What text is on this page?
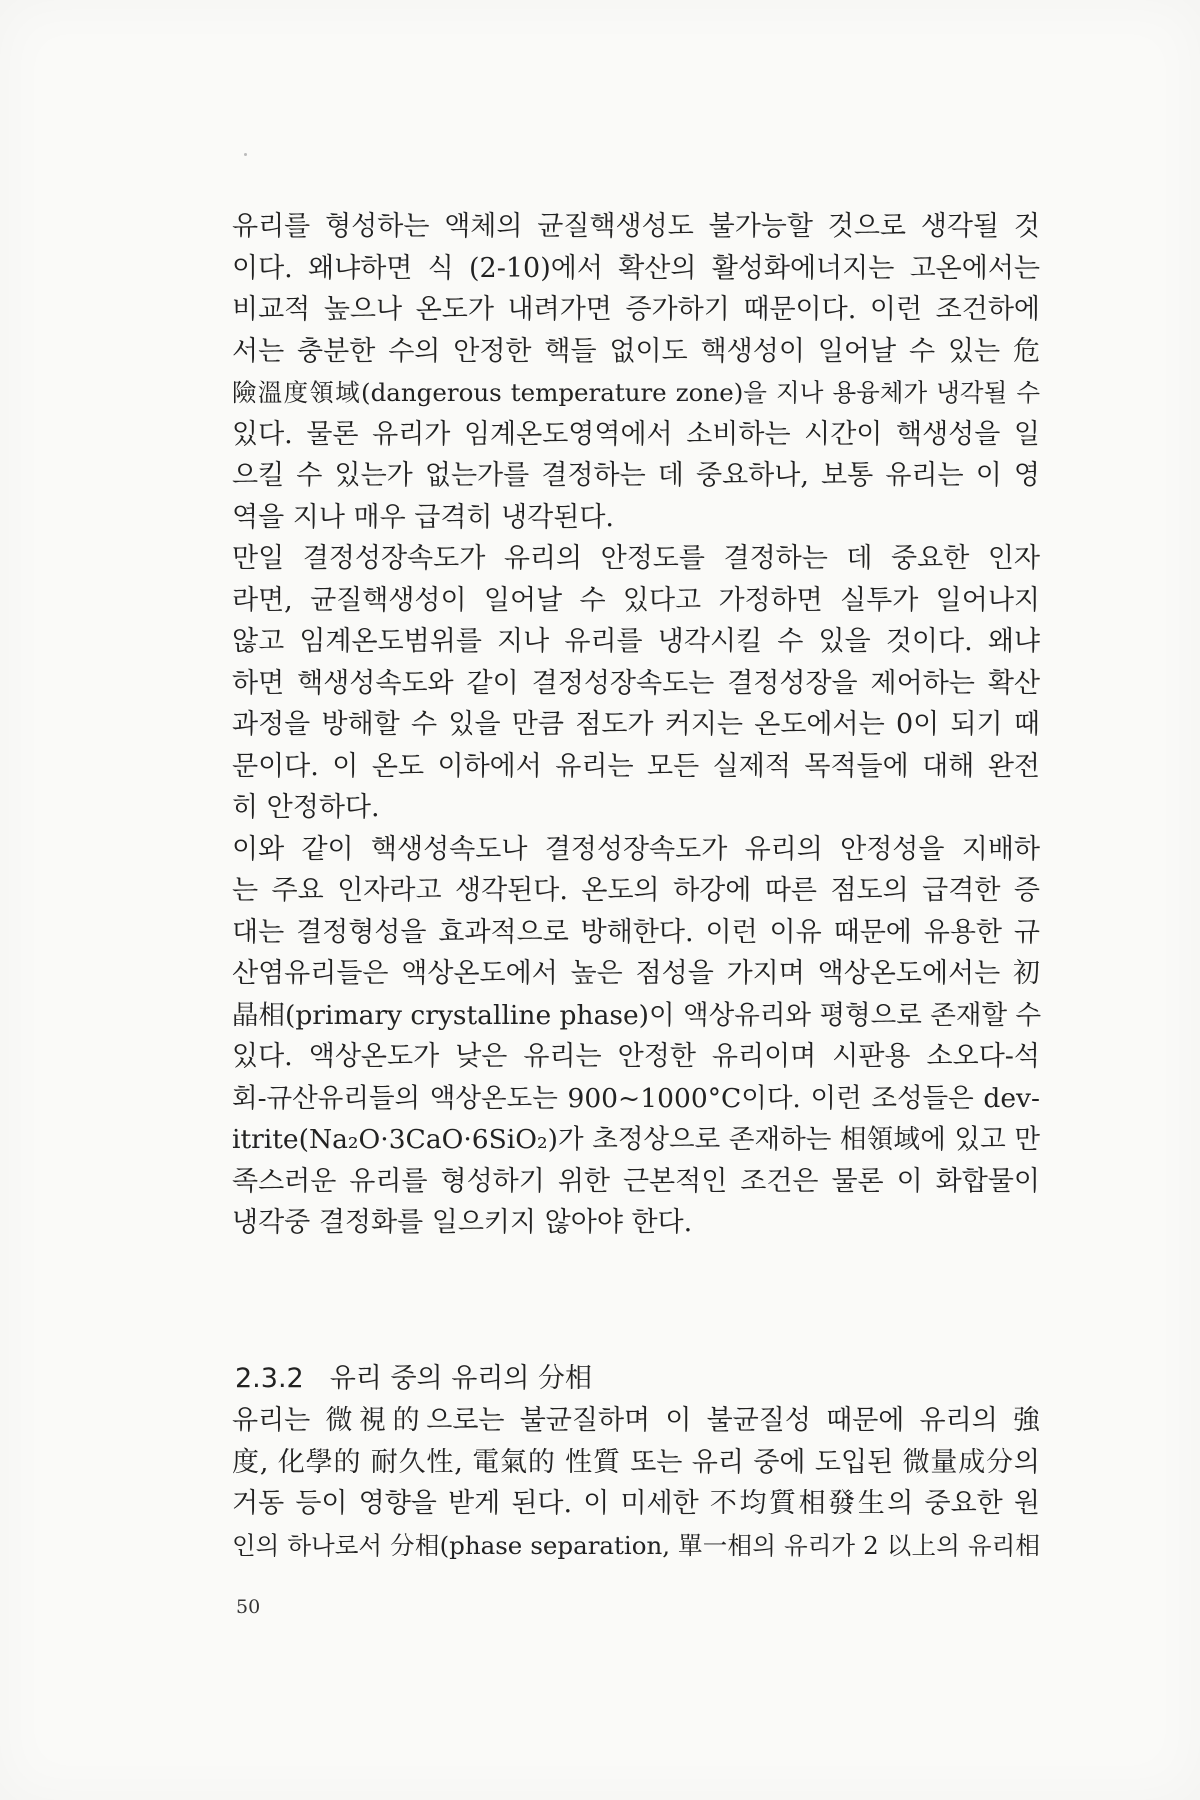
유리를 형성하는 액체의 균질핵생성도 불가능할 것으로 생각될 것
이다. 왜냐하면 식 (2-10)에서 확산의 활성화에너지는 고온에서는
비교적 높으나 온도가 내려가면 증가하기 때문이다. 이런 조건하에
서는 충분한 수의 안정한 핵들 없이도 핵생성이 일어날 수 있는 危
險溫度領域(dangerous temperature zone)을 지나 용융체가 냉각될 수
있다. 물론 유리가 임계온도영역에서 소비하는 시간이 핵생성을 일
으킬 수 있는가 없는가를 결정하는 데 중요하나, 보통 유리는 이 영
역을 지나 매우 급격히 냉각된다.
만일 결정성장속도가 유리의 안정도를 결정하는 데 중요한 인자
라면, 균질핵생성이 일어날 수 있다고 가정하면 실투가 일어나지
않고 임계온도범위를 지나 유리를 냉각시킬 수 있을 것이다. 왜냐
하면 핵생성속도와 같이 결정성장속도는 결정성장을 제어하는 확산
과정을 방해할 수 있을 만큼 점도가 커지는 온도에서는 0이 되기 때
문이다. 이 온도 이하에서 유리는 모든 실제적 목적들에 대해 완전
히 안정하다.
이와 같이 핵생성속도나 결정성장속도가 유리의 안정성을 지배하
는 주요 인자라고 생각된다. 온도의 하강에 따른 점도의 급격한 증
대는 결정형성을 효과적으로 방해한다. 이런 이유 때문에 유용한 규
산염유리들은 액상온도에서 높은 점성을 가지며 액상온도에서는 初
晶相(primary crystalline phase)이 액상유리와 평형으로 존재할 수
있다. 액상온도가 낮은 유리는 안정한 유리이며 시판용 소오다-석
회-규산유리들의 액상온도는 900~1000°C이다. 이런 조성들은 dev-
itrite(Na₂O·3CaO·6SiO₂)가 초정상으로 존재하는 相領域에 있고 만
족스러운 유리를 형성하기 위한 근본적인 조건은 물론 이 화합물이
냉각중 결정화를 일으키지 않아야 한다.
2.3.2 유리 중의 유리의 分相
유리는 微視的으로는 불균질하며 이 불균질성 때문에 유리의 強
度, 化學的 耐久性, 電氣的 性質 또는 유리 중에 도입된 微量成分의
거동 등이 영향을 받게 된다. 이 미세한 不均質相發生의 중요한 원
인의 하나로서 分相(phase separation, 單一相의 유리가 2 以上의 유리相
50
